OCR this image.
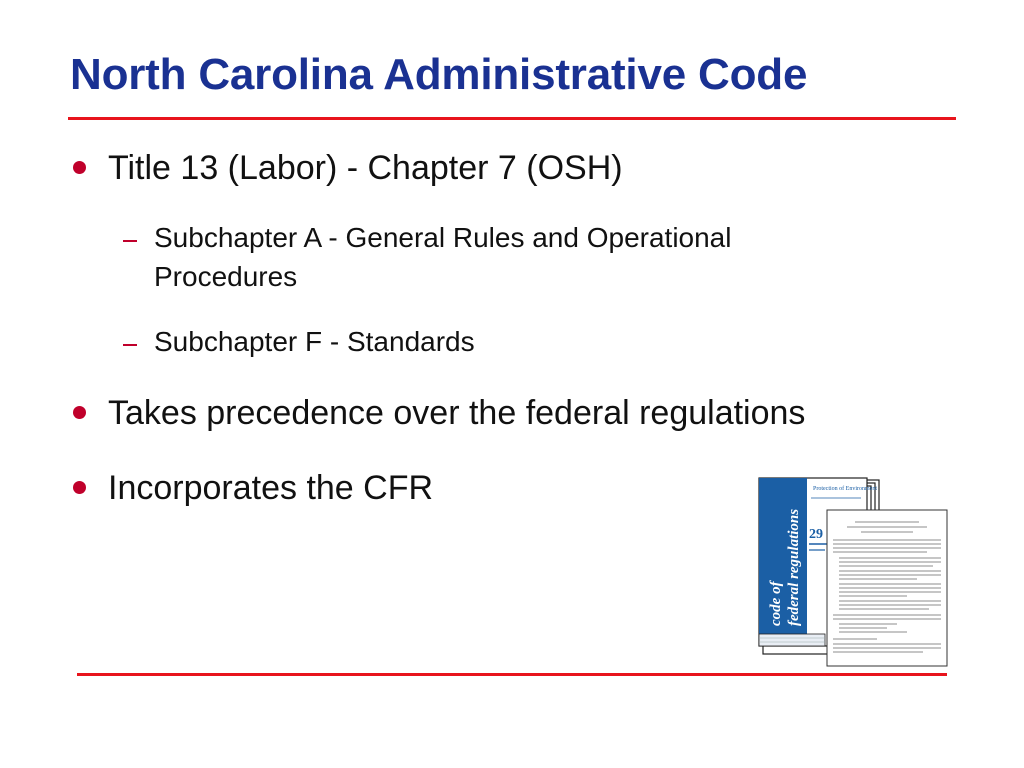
North Carolina Administrative Code
Title 13 (Labor) - Chapter 7 (OSH)
Subchapter A - General Rules and Operational
Procedures
Subchapter F - Standards
Takes precedence over the federal regulations
Incorporates the CFR
code of federal regulations
Protection of Environment
29
